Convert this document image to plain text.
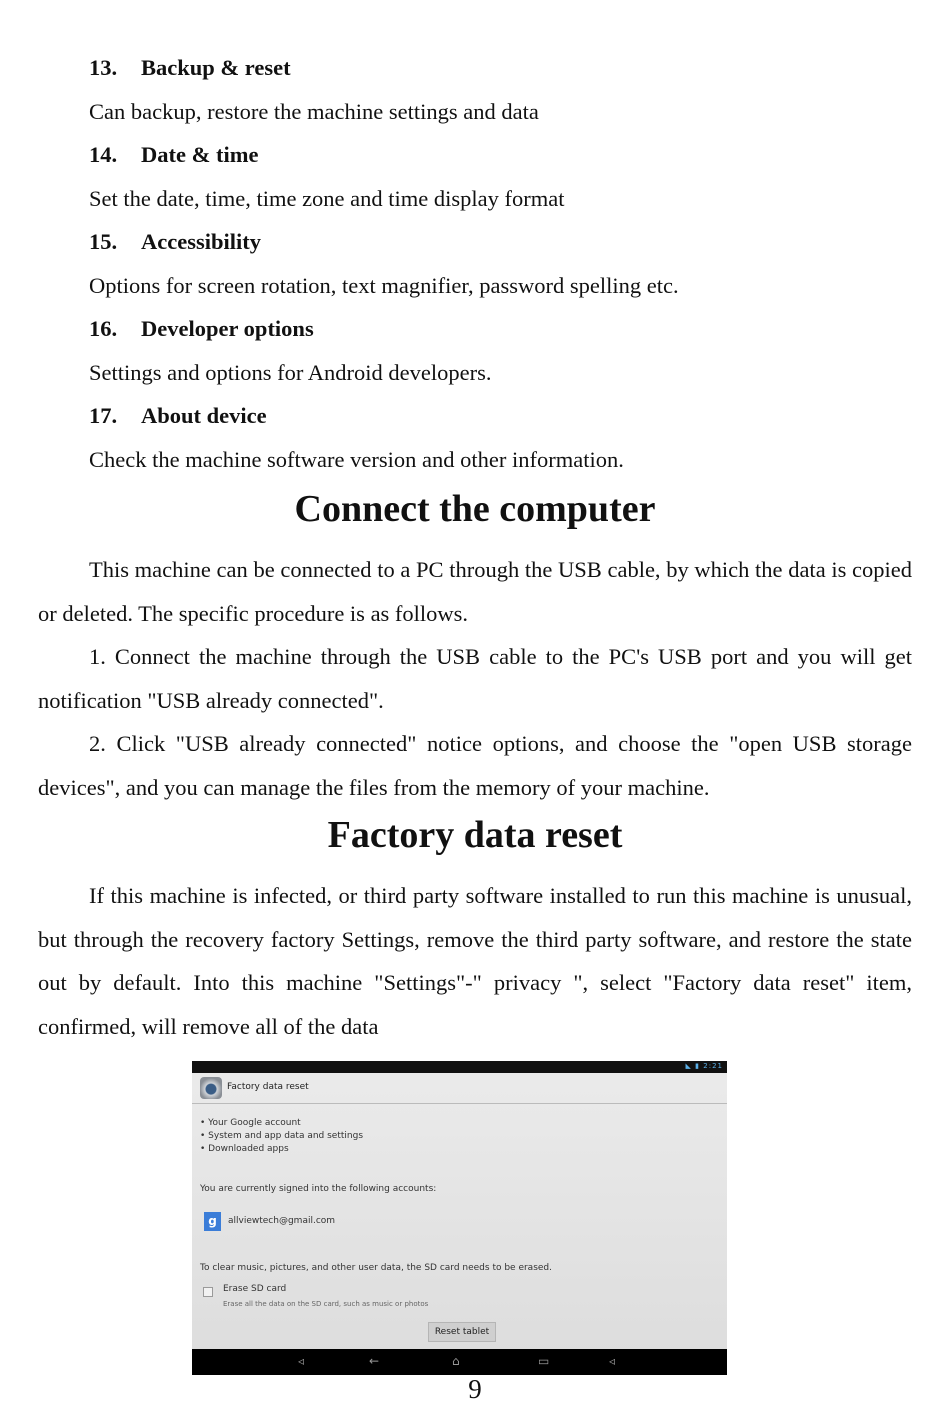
13. Backup & reset
Can backup, restore the machine settings and data
14. Date & time
Set the date, time, time zone and time display format
15. Accessibility
Options for screen rotation, text magnifier, password spelling etc.
16. Developer options
Settings and options for Android developers.
17. About device
Check the machine software version and other information.
Connect the computer
This machine can be connected to a PC through the USB cable, by which the data is copied or deleted. The specific procedure is as follows.
1. Connect the machine through the USB cable to the PC's USB port and you will get notification "USB already connected".
2. Click "USB already connected" notice options, and choose the "open USB storage devices", and you can manage the files from the memory of your machine.
Factory data reset
If this machine is infected, or third party software installed to run this machine is unusual, but through the recovery factory Settings, remove the third party software, and restore the state out by default. Into this machine "Settings"-" privacy ", select "Factory data reset" item, confirmed, will remove all of the data
◣ ▮ 2:21
Factory data reset
• Your Google account
• System and app data and settings
• Downloaded apps
You are currently signed into the following accounts:
g	allviewtech@gmail.com
To clear music, pictures, and other user data, the SD card needs to be erased.
Erase SD card
Erase all the data on the SD card, such as music or photos
Reset tablet
◃	←	⌂	▭	◃
9
